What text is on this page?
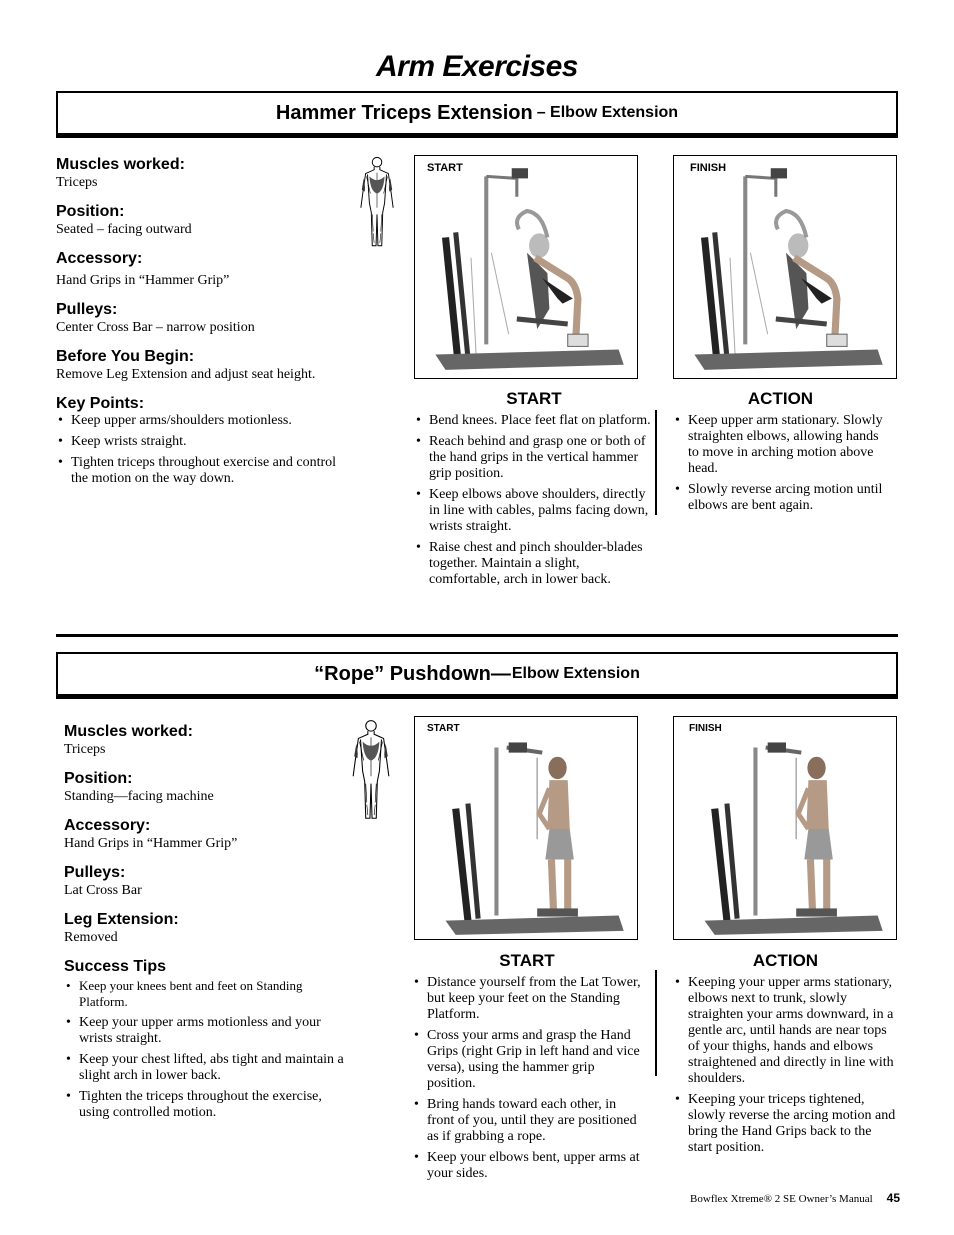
Arm Exercises
Hammer Triceps Extension – Elbow Extension
Muscles worked:
Triceps
Position:
Seated – facing outward
Accessory:
Hand Grips in “Hammer Grip”
Pulleys:
Center Cross Bar – narrow position
Before You Begin:
Remove Leg Extension and adjust seat height.
Key Points:
• Keep upper arms/shoulders motionless.
• Keep wrists straight.
• Tighten triceps throughout exercise and control the motion on the way down.
START	FINISH
START
• Bend knees. Place feet flat on platform.
• Reach behind and grasp one or both of the hand grips in the vertical hammer grip position.
• Keep elbows above shoulders, directly in line with cables, palms facing down, wrists straight.
• Raise chest and pinch shoulder-blades together. Maintain a slight, comfortable, arch in lower back.
ACTION
• Keep upper arm stationary. Slowly straighten elbows, allowing hands to move in arching motion above head.
• Slowly reverse arcing motion until elbows are bent again.
“Rope” Pushdown— Elbow Extension
Muscles worked:
Triceps
Position:
Standing—facing machine
Accessory:
Hand Grips in “Hammer Grip”
Pulleys:
Lat Cross Bar
Leg Extension:
Removed
Success Tips
• Keep your knees bent and feet on Standing Platform.
• Keep your upper arms motionless and your wrists straight.
• Keep your chest lifted, abs tight and maintain a slight arch in lower back.
• Tighten the triceps throughout the exercise, using controlled motion.
START	FINISH
START
• Distance yourself from the Lat Tower, but keep your feet on the Standing Platform.
• Cross your arms and grasp the Hand Grips (right Grip in left hand and vice versa), using the hammer grip position.
• Bring hands toward each other, in front of you, until they are positioned as if grabbing a rope.
• Keep your elbows bent, upper arms at your sides.
ACTION
• Keeping your upper arms stationary, elbows next to trunk, slowly straighten your arms downward, in a gentle arc, until hands are near tops of your thighs, hands and elbows straightened and directly in line with shoulders.
• Keeping your triceps tightened, slowly reverse the arcing motion and bring the Hand Grips back to the start position.
Bowflex Xtreme® 2 SE Owner’s Manual 45
